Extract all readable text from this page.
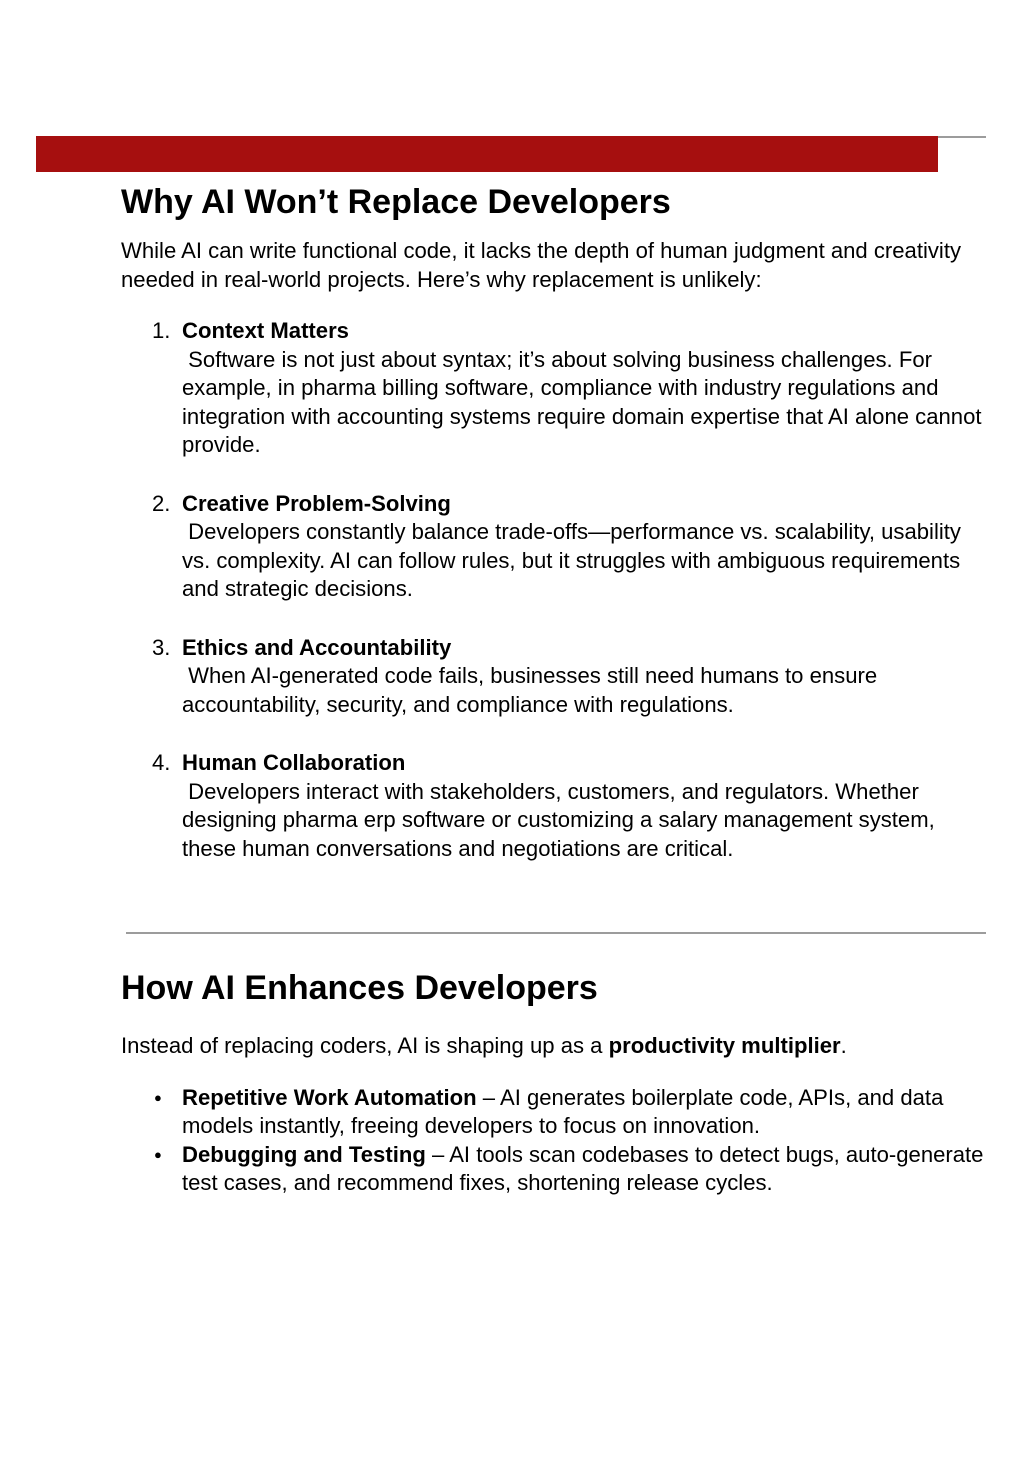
Why AI Won’t Replace Developers

While AI can write functional code, it lacks the depth of human judgment and creativity needed in real-world projects. Here’s why replacement is unlikely:

1. Context Matters
Software is not just about syntax; it’s about solving business challenges. For example, in pharma billing software, compliance with industry regulations and integration with accounting systems require domain expertise that AI alone cannot provide.
2. Creative Problem-Solving
Developers constantly balance trade-offs—performance vs. scalability, usability vs. complexity. AI can follow rules, but it struggles with ambiguous requirements and strategic decisions.
3. Ethics and Accountability
When AI-generated code fails, businesses still need humans to ensure accountability, security, and compliance with regulations.
4. Human Collaboration
Developers interact with stakeholders, customers, and regulators. Whether designing pharma erp software or customizing a salary management system, these human conversations and negotiations are critical.
How AI Enhances Developers

Instead of replacing coders, AI is shaping up as a productivity multiplier.

● Repetitive Work Automation – AI generates boilerplate code, APIs, and data models instantly, freeing developers to focus on innovation.
● Debugging and Testing – AI tools scan codebases to detect bugs, auto-generate test cases, and recommend fixes, shortening release cycles.
